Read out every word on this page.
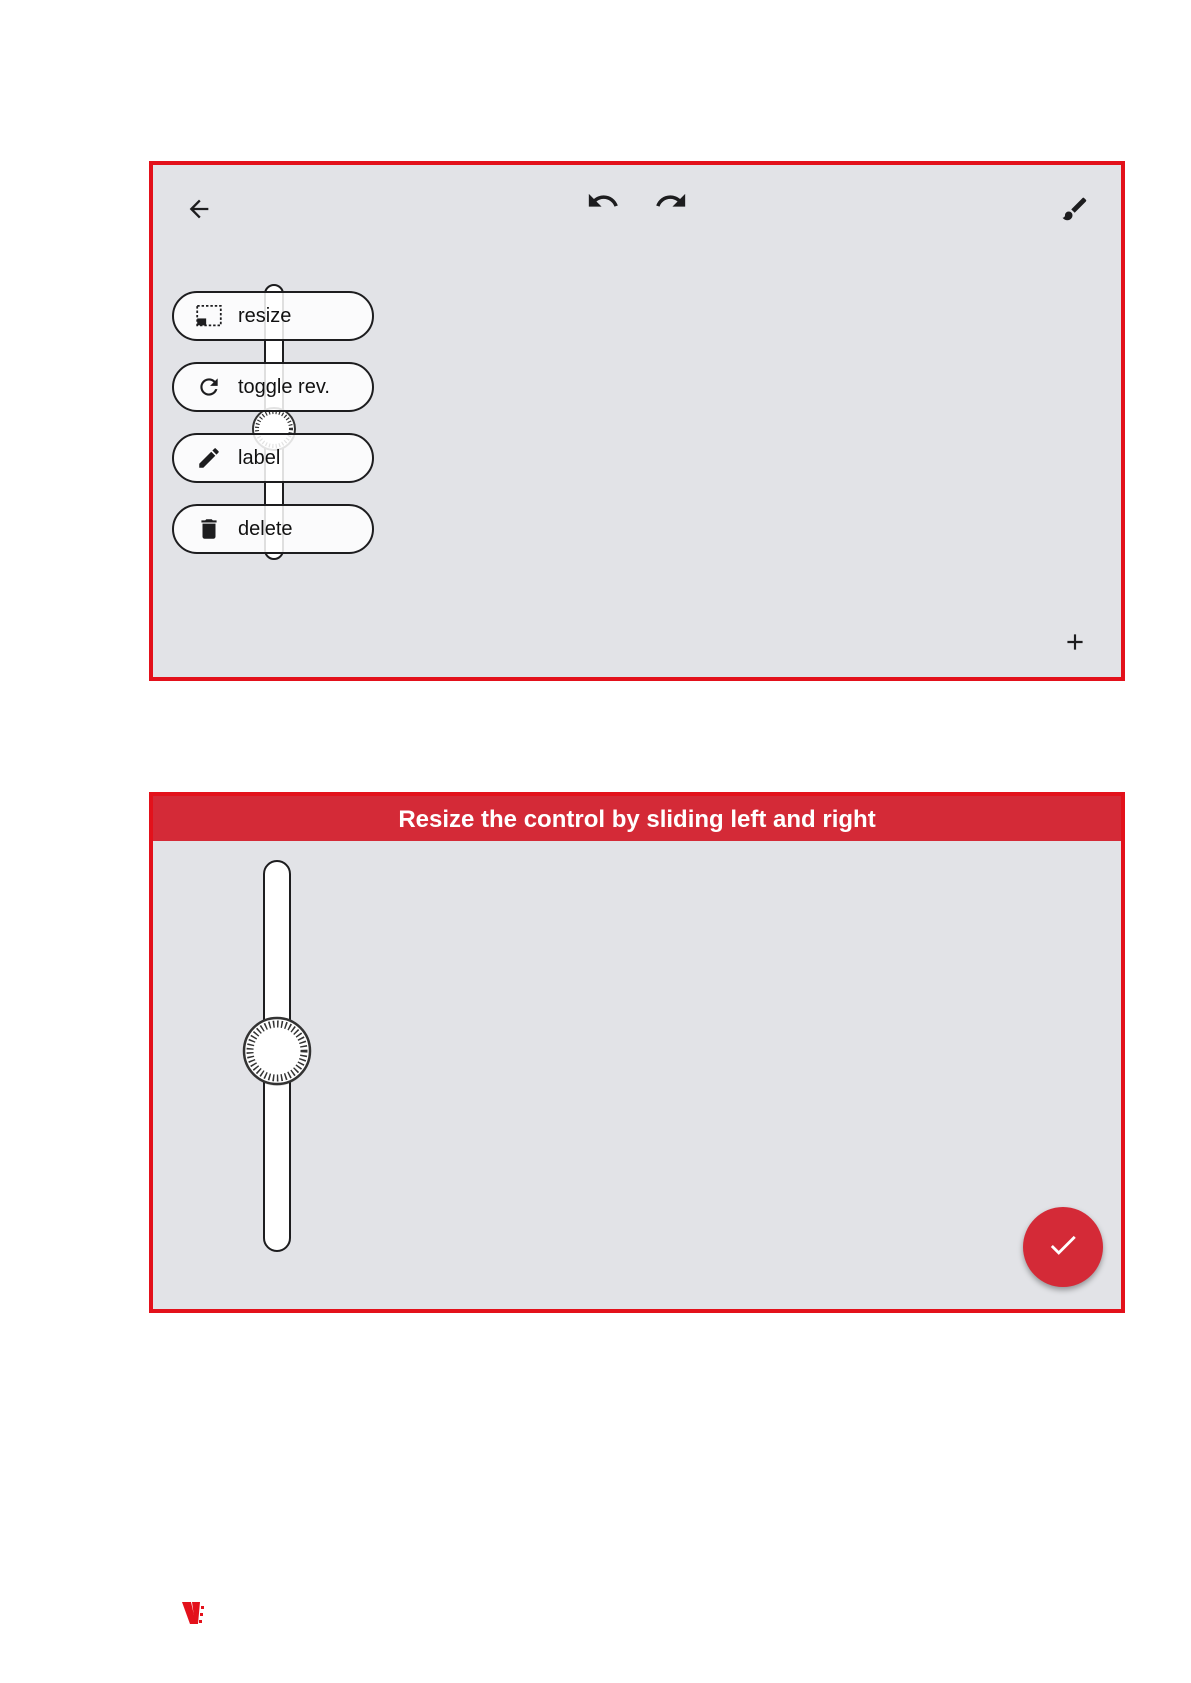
resize
toggle rev.
label
delete
Resize the control by sliding left and right
